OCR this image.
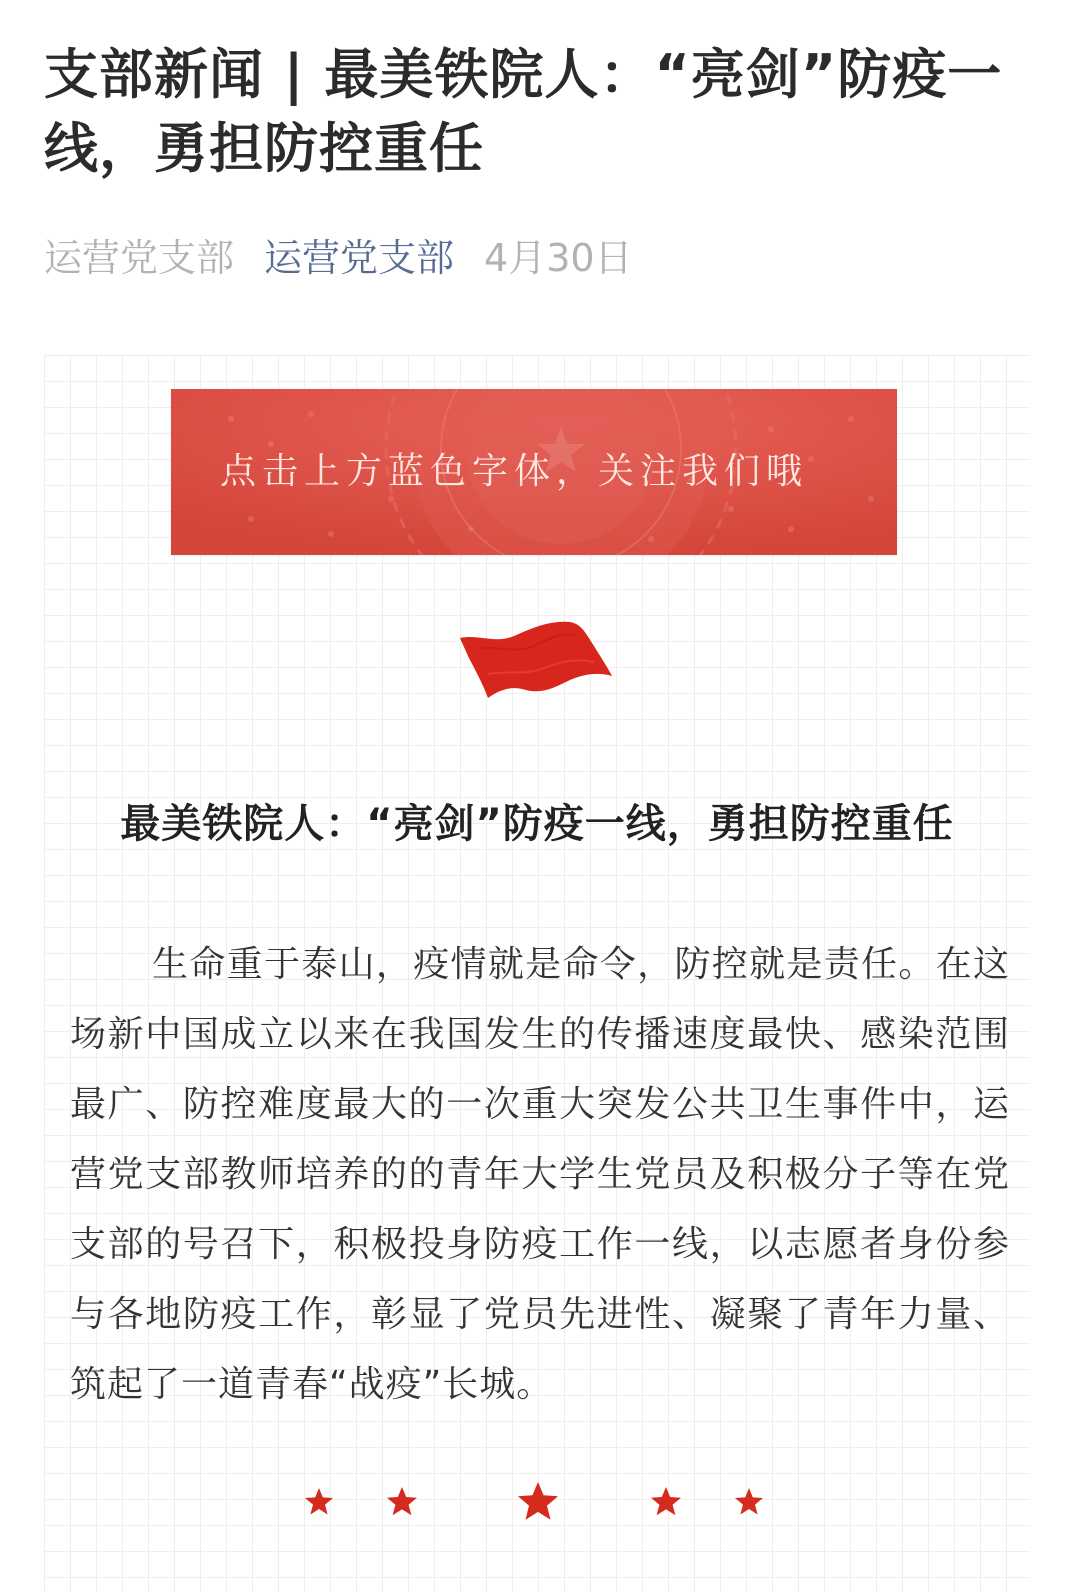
支部新闻 | 最美铁院人：“亮剑”防疫一线，勇担防控重任
运营党支部 运营党支部 4月30日
点击上方蓝色字体，关注我们哦
最美铁院人：“亮剑”防疫一线，勇担防控重任

生命重于泰山，疫情就是命令，防控就是责任。在这场新中国成立以来在我国发生的传播速度最快、感染范围最广、防控难度最大的一次重大突发公共卫生事件中，运营党支部教师培养的的青年大学生党员及积极分子等在党支部的号召下，积极投身防疫工作一线，以志愿者身份参与各地防疫工作，彰显了党员先进性、凝聚了青年力量、筑起了一道青春“战疫”长城。
